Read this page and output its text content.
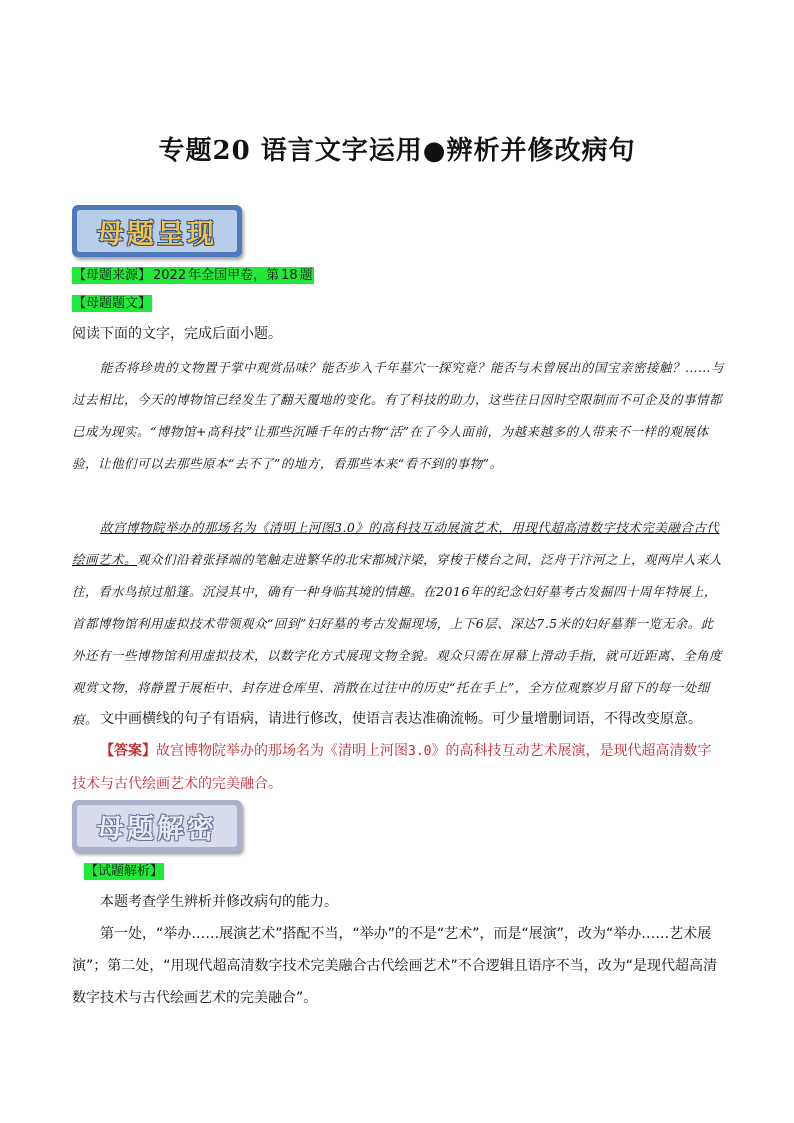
专题20 语言文字运用●辨析并修改病句
母题呈现
【母题来源】 2022 年全国甲卷，第 18 题
【母题题文】

阅读下面的文字，完成后面小题。

能否将珍贵的文物置于掌中观赏品味？能否步入千年墓穴一探究竟？能否与未曾展出的国宝亲密接触？……与过去相比，今天的博物馆已经发生了翻天覆地的变化。有了科技的助力，这些往日因时空限制而不可企及的事情都已成为现实。“博物馆+高科技”让那些沉睡千年的古物“活”在了今人面前，为越来越多的人带来不一样的观展体验，让他们可以去那些原本“去不了”的地方，看那些本来“看不到的事物”。

故宫博物院举办的那场名为《清明上河图3.0》的高科技互动展演艺术，用现代超高清数字技术完美融合古代绘画艺术。观众们沿着张择端的笔触走进繁华的北宋都城汴梁，穿梭于楼台之间，泛舟于汴河之上，观两岸人来人往，看水鸟掠过船篷。沉浸其中，确有一种身临其境的情趣。在2016年的纪念妇好墓考古发掘四十周年特展上，首都博物馆利用虚拟技术带领观众“回到”妇好墓的考古发掘现场，上下6层、深达7.5米的妇好墓葬一览无余。此外还有一些博物馆利用虚拟技术，以数字化方式展现文物全貌。观众只需在屏幕上滑动手指，就可近距离、全角度观赏文物，将静置于展柜中、封存进仓库里、消散在过往中的历史“托在手上”，全方位观察岁月留下的每一处细痕。 文中画横线的句子有语病，请进行修改，使语言表达准确流畅。可少量增删词语，不得改变原意。

【答案】故宫博物院举办的那场名为《清明上河图3.0》的高科技互动艺术展演，是现代超高清数字技术与古代绘画艺术的完美融合。

母题解密
【试题解析】

本题考查学生辨析并修改病句的能力。

第一处，“举办……展演艺术”搭配不当，“举办”的不是“艺术”，而是“展演”，改为“举办……艺术展演”；第二处，“用现代超高清数字技术完美融合古代绘画艺术”不合逻辑且语序不当，改为“是现代超高清数字技术与古代绘画艺术的完美融合”。
